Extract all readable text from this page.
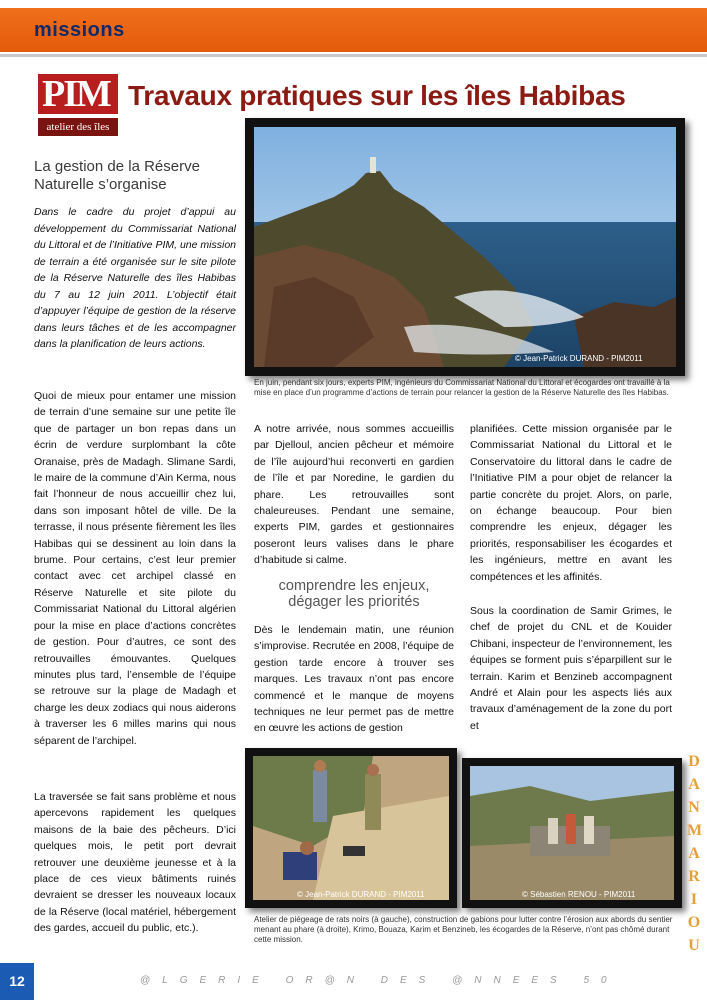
missions
PIM
atelier des îles
Travaux pratiques sur les îles Habibas
La gestion de la Réserve Naturelle s’organise
Dans le cadre du projet d’appui au développement du Commissariat National du Littoral et de l’Initiative PIM, une mission de terrain a été organisée sur le site pilote de la Réserve Naturelle des îles Habibas du 7 au 12 juin 2011. L’objectif était d’appuyer l’équipe de gestion de la réserve dans leurs tâches et de les accompagner dans la planification de leurs actions.
Quoi de mieux pour entamer une mission de terrain d’une semaine sur une petite île que de partager un bon repas dans un écrin de verdure surplombant la côte Oranaise, près de Madagh. Slimane Sardi, le maire de la commune d’Ain Kerma, nous fait l’honneur de nous accueillir chez lui, dans son imposant hôtel de ville. De la terrasse, il nous présente fièrement les îles Habibas qui se dessinent au loin dans la brume. Pour certains, c’est leur premier contact avec cet archipel classé en Réserve Naturelle et site pilote du Commissariat National du Littoral algérien pour la mise en place d’actions concrètes de gestion. Pour d’autres, ce sont des retrouvailles émouvantes. Quelques minutes plus tard, l’ensemble de l’équipe se retrouve sur la plage de Madagh et charge les deux zodiacs qui nous aiderons à traverser les 6 milles marins qui nous séparent de l’archipel.
La traversée se fait sans problème et nous apercevons rapidement les quelques maisons de la baie des pêcheurs. D’ici quelques mois, le petit port devrait retrouver une deuxième jeunesse et à la place de ces vieux bâtiments ruinés devraient se dresser les nouveaux locaux de la Réserve (local matériel, hébergement des gardes, accueil du public, etc.).
© Jean-Patrick DURAND - PIM2011
En juin, pendant six jours, experts PIM, ingénieurs du Commissariat National du Littoral et écogardes ont travaillé à la mise en place d’un programme d’actions de terrain pour relancer la gestion de la Réserve Naturelle des îles Habibas.
A notre arrivée, nous sommes accueillis par Djelloul, ancien pêcheur et mémoire de l’île aujourd’hui reconverti en gardien de l’île et par Noredine, le gardien du phare. Les retrouvailles sont chaleureuses. Pendant une semaine, experts PIM, gardes et gestionnaires poseront leurs valises dans le phare d’habitude si calme.
comprendre les enjeux, dégager les priorités
Dès le lendemain matin, une réunion s’improvise. Recrutée en 2008, l’équipe de gestion tarde encore à trouver ses marques. Les travaux n’ont pas encore commencé et le manque de moyens techniques ne leur permet pas de mettre en œuvre les actions de gestion
planifiées. Cette mission organisée par le Commissariat National du Littoral et le Conservatoire du littoral dans le cadre de l’Initiative PIM a pour objet de relancer la partie concrète du projet. Alors, on parle, on échange beaucoup. Pour bien comprendre les enjeux, dégager les priorités, responsabiliser les écogardes et les ingénieurs, mettre en avant les compétences et les affinités.
Sous la coordination de Samir Grimes, le chef de projet du CNL et de Kouider Chibani, inspecteur de l’environnement, les équipes se forment puis s’éparpillent sur le terrain. Karim et Benzineb accompagnent André et Alain pour les aspects liés aux travaux d’aménagement de la zone du port et
© Jean-Patrick DURAND - PIM2011	© Sébastien RENOU - PIM2011
Atelier de piégeage de rats noirs (à gauche), construction de gabions pour lutter contre l’érosion aux abords du sentier menant au phare (à droite), Krimo, Bouaza, Karim et Benzineb, les écogardes de la Réserve, n’ont pas chômé durant cette mission.
DANMARIOU
12	@LGERIE OR@N DES @NNEES 50
